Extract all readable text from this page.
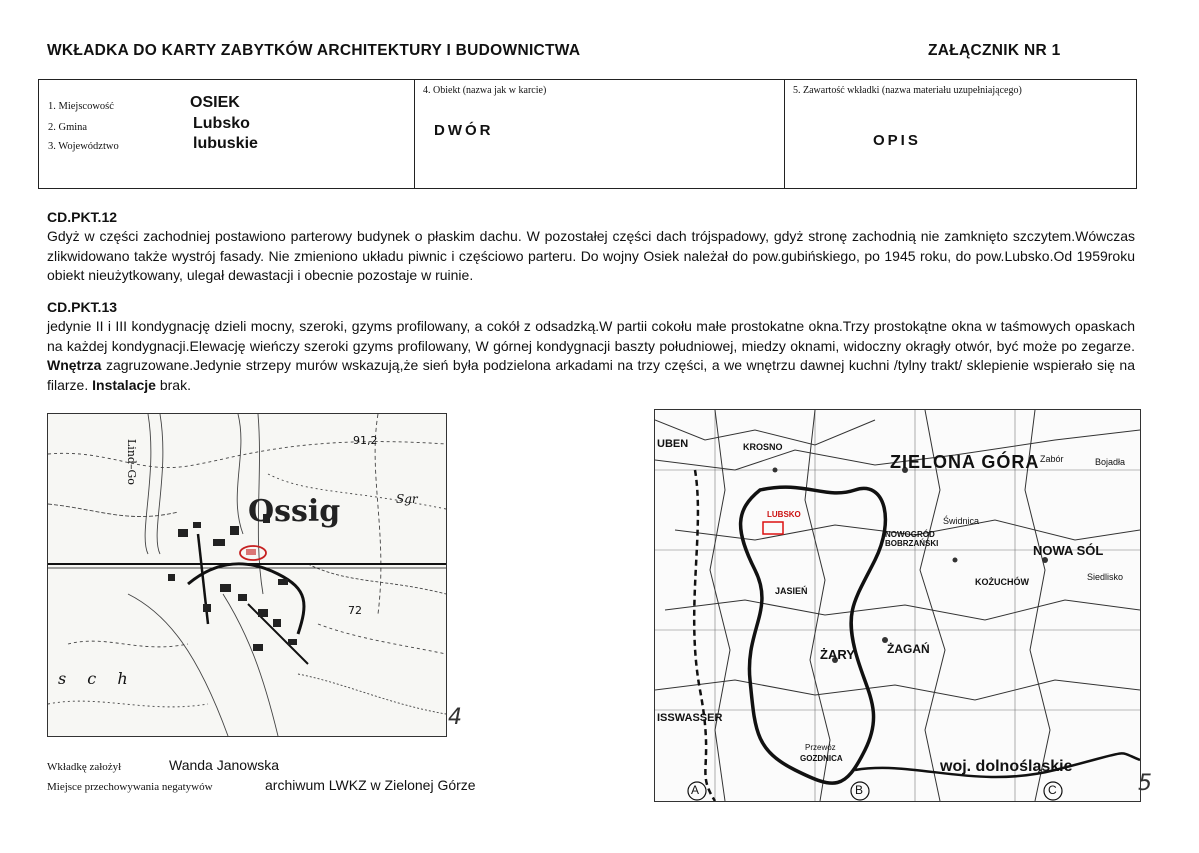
WKŁADKA DO KARTY ZABYTKÓW ARCHITEKTURY I BUDOWNICTWA	ZAŁĄCZNIK NR 1
1. Miejscowość	OSIEK
2. Gmina	Lubsko
3. Województwo	lubuskie
4. Obiekt (nazwa jak w karcie)
DWÓR
5. Zawartość wkładki (nazwa materiału uzupełniającego)
OPIS
CD.PKT.12

Gdyż w części zachodniej postawiono parterowy budynek o płaskim dachu. W pozostałej części dach trójspadowy, gdyż stronę zachodnią nie zamknięto szczytem.Wówczas zlikwidowano także wystrój fasady. Nie zmieniono układu piwnic i częściowo parteru. Do wojny Osiek należał do pow.gubińskiego, po 1945 roku, do pow.Lubsko.Od 1959roku obiekt nieużytkowany, ulegał dewastacji i obecnie pozostaje w ruinie.

CD.PKT.13

jedynie II i III kondygnację dzieli mocny, szeroki, gzyms profilowany, a cokół z odsadzką.W partii cokołu małe prostokatne okna.Trzy prostokątne okna w taśmowych opaskach na każdej kondygnacji.Elewację wieńczy szeroki gzyms profilowany, W górnej kondygnacji baszty południowej, miedzy oknami, widoczny okragły otwór, być może po zegarze. Wnętrza zagruzowane.Jedynie strzepy murów wskazują,że sień była podzielona arkadami na trzy części, a we wnętrzu dawnej kuchni /tylny trakt/ sklepienie wspierało się na filarze. Instalacje brak.

Ossig
91,2
72
Sgr
Lind–Go
s c h
4
ZIELONA GÓRA
NOWA SÓL
ŻARY	ŻAGAŃ
woj. dolnośląskie
UBEN
ISSWASSER
LUBSKO
JASIEŃ
KROSNO
Zabór
Siedlisko
Bojadła
KOŻUCHÓW
GOZDNICA
Przewóz
Świdnica
NOWOGRÓD BOBRZAŃSKI
A	B	C	5
Wkładkę założył	Wanda Janowska
Miejsce przechowywania negatywów	archiwum LWKZ w Zielonej Górze
